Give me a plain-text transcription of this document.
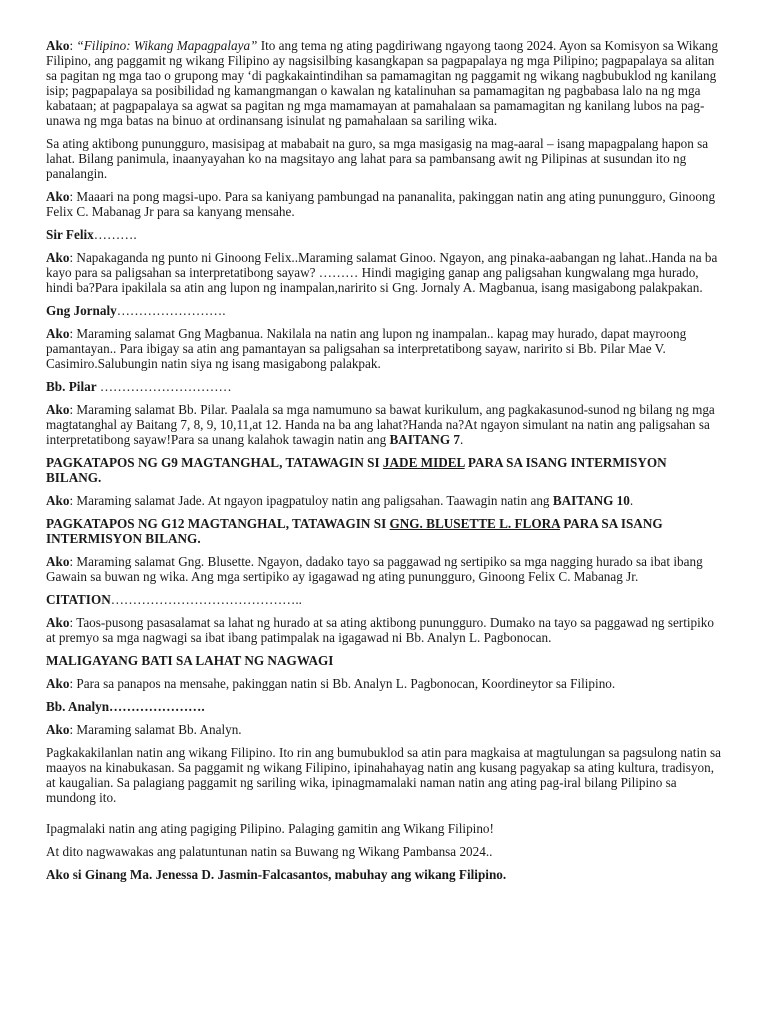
Ako: “Filipino: Wikang Mapagpalaya” Ito ang tema ng ating pagdiriwang ngayong taong 2024. Ayon sa Komisyon sa Wikang Filipino, ang paggamit ng wikang Filipino ay nagsisilbing kasangkapan sa pagpapalaya ng mga Pilipino; pagpapalaya sa alitan sa pagitan ng mga tao o grupong may ‘di pagkakaintindihan sa pamamagitan ng paggamit ng wikang nagbubuklod ng kanilang isip; pagpapalaya sa posibilidad ng kamangmangan o kawalan ng katalinuhan sa pamamagitan ng pagbabasa lalo na ng mga kabataan; at pagpapalaya sa agwat sa pagitan ng mga mamamayan at pamahalaan sa pamamagitan ng kanilang lubos na pag-unawa ng mga batas na binuo at ordinansang isinulat ng pamahalaan sa sariling wika.

Sa ating aktibong punungguro, masisipag at mababait na guro, sa mga masigasig na mag-aaral – isang mapagpalang hapon sa lahat. Bilang panimula, inaanyayahan ko na magsitayo ang lahat para sa pambansang awit ng Pilipinas at susundan ito ng panalangin.

Ako: Maaari na pong magsi-upo. Para sa kaniyang pambungad na pananalita, pakinggan natin ang ating punungguro, Ginoong Felix C. Mabanag Jr para sa kanyang mensahe.

Sir Felix……….

Ako: Napakaganda ng punto ni Ginoong Felix..Maraming salamat Ginoo. Ngayon, ang pinaka-aabangan ng lahat..Handa na ba kayo para sa paligsahan sa interpretatibong sayaw? ……… Hindi magiging ganap ang paligsahan kungwalang mga hurado, hindi ba?Para ipakilala sa atin ang lupon ng inampalan,naririto si Gng. Jornaly A. Magbanua, isang masigabong palakpakan.

Gng Jornaly…………………….

Ako: Maraming salamat Gng Magbanua. Nakilala na natin ang lupon ng inampalan.. kapag may hurado, dapat mayroong pamantayan.. Para ibigay sa atin ang pamantayan sa paligsahan sa interpretatibong sayaw, naririto si Bb. Pilar Mae V. Casimiro.Salubungin natin siya ng isang masigabong palakpak.

Bb. Pilar …………………………

Ako: Maraming salamat Bb. Pilar. Paalala sa mga namumuno sa bawat kurikulum, ang pagkakasunod-sunod ng bilang ng mga magtatanghal ay Baitang 7, 8, 9, 10,11,at 12. Handa na ba ang lahat?Handa na?At ngayon simulant na natin ang paligsahan sa interpretatibong sayaw!Para sa unang kalahok tawagin natin ang BAITANG 7.

PAGKATAPOS NG G9 MAGTANGHAL, TATAWAGIN SI JADE MIDEL PARA SA ISANG INTERMISYON BILANG.

Ako: Maraming salamat Jade. At ngayon ipagpatuloy natin ang paligsahan. Taawagin natin ang BAITANG 10.

PAGKATAPOS NG G12 MAGTANGHAL, TATAWAGIN SI GNG. BLUSETTE L. FLORA PARA SA ISANG INTERMISYON BILANG.

Ako: Maraming salamat Gng. Blusette. Ngayon, dadako tayo sa paggawad ng sertipiko sa mga nagging hurado sa ibat ibang Gawain sa buwan ng wika. Ang mga sertipiko ay igagawad ng ating punungguro, Ginoong Felix C. Mabanag Jr.

CITATION……………………………………..

Ako: Taos-pusong pasasalamat sa lahat ng hurado at sa ating aktibong punungguro. Dumako na tayo sa paggawad ng sertipiko at premyo sa mga nagwagi sa ibat ibang patimpalak na igagawad ni Bb. Analyn L. Pagbonocan.

MALIGAYANG BATI SA LAHAT NG NAGWAGI

Ako: Para sa panapos na mensahe, pakinggan natin si Bb. Analyn L. Pagbonocan, Koordineytor sa Filipino.

Bb. Analyn………………….

Ako: Maraming salamat Bb. Analyn.

Pagkakakilanlan natin ang wikang Filipino. Ito rin ang bumubuklod sa atin para magkaisa at magtulungan sa pagsulong natin sa maayos na kinabukasan. Sa paggamit ng wikang Filipino, ipinahahayag natin ang kusang pagyakap sa ating kultura, tradisyon, at kaugalian. Sa palagiang paggamit ng sariling wika, ipinagmamalaki naman natin ang ating pag-iral bilang Pilipino sa mundong ito.

Ipagmalaki natin ang ating pagiging Pilipino. Palaging gamitin ang Wikang Filipino!

At dito nagwawakas ang palatuntunan natin sa Buwang ng Wikang Pambansa 2024..

Ako si Ginang Ma. Jenessa D. Jasmin-Falcasantos, mabuhay ang wikang Filipino.
